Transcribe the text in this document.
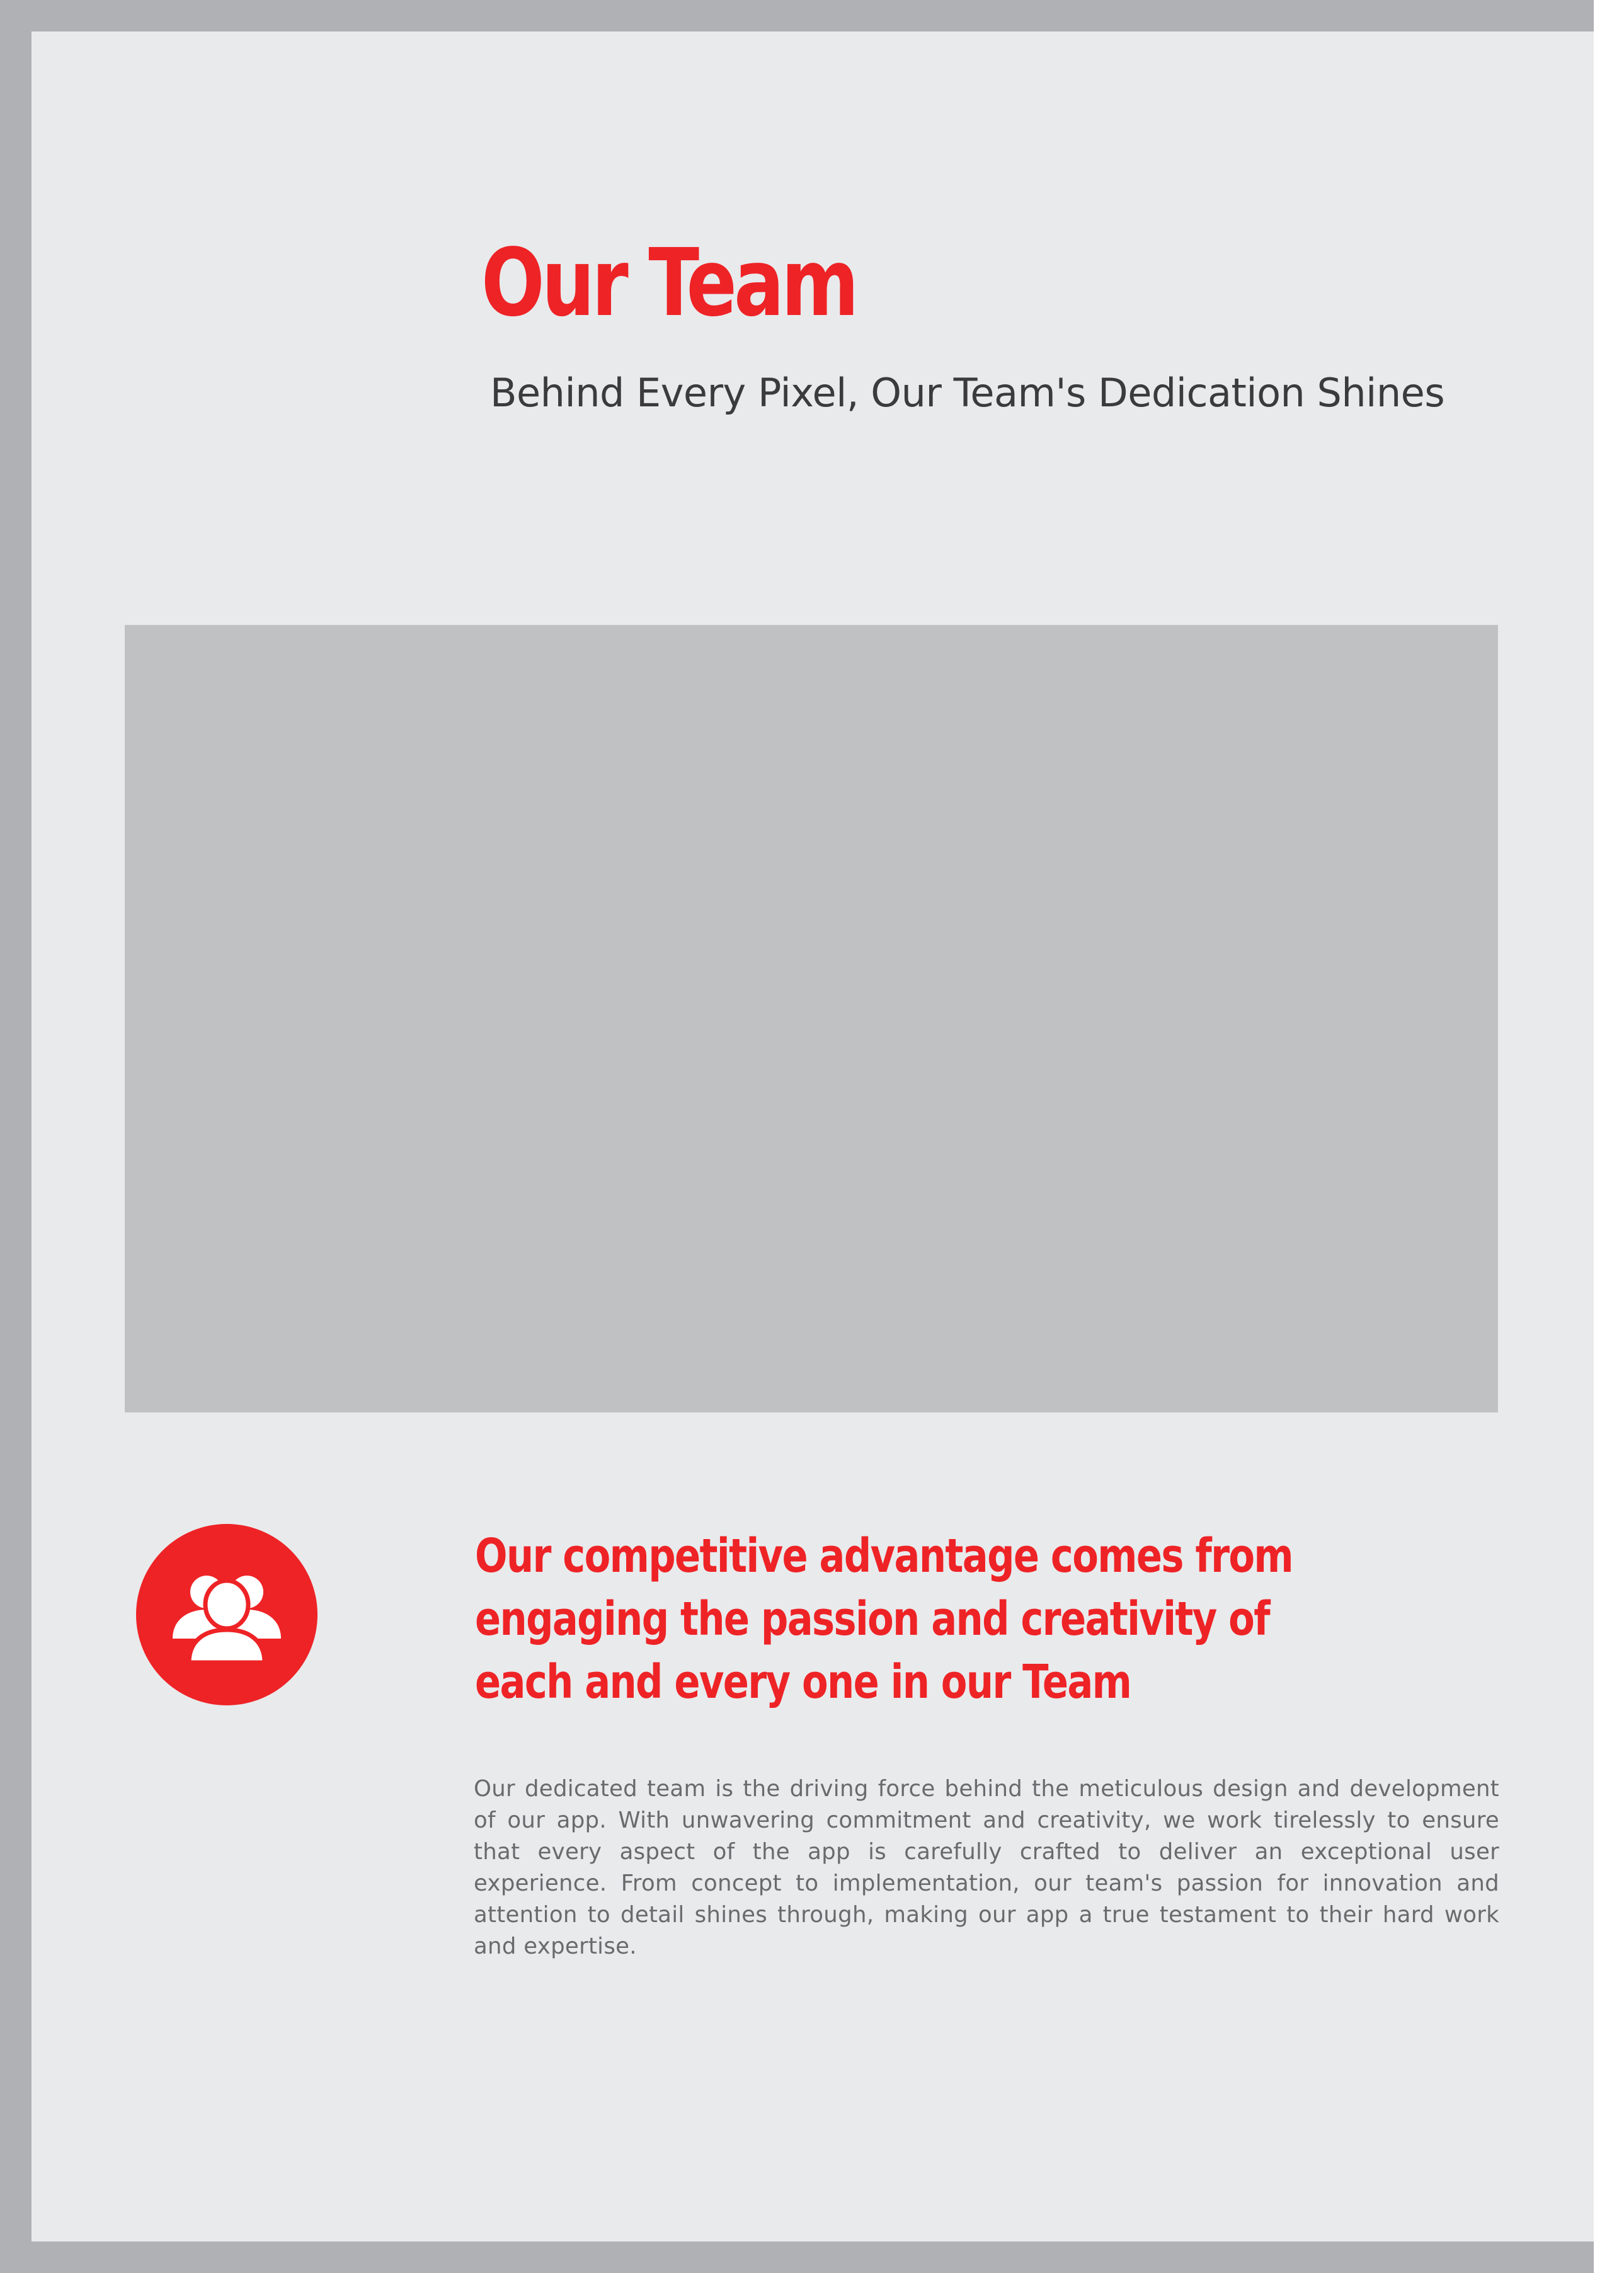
Our Team
Behind Every Pixel, Our Team's Dedication Shines
Our competitive advantage comes from
engaging the passion and creativity of
each and every one in our Team

Our dedicated team is the driving force behind the meticulous design and development of our app. With unwavering commitment and creativity, we work tirelessly to ensure that every aspect of the app is carefully crafted to deliver an exceptional user experience. From concept to implementation, our team's passion for innovation and attention to detail shines through, making our app a true testament to their hard work and expertise.
